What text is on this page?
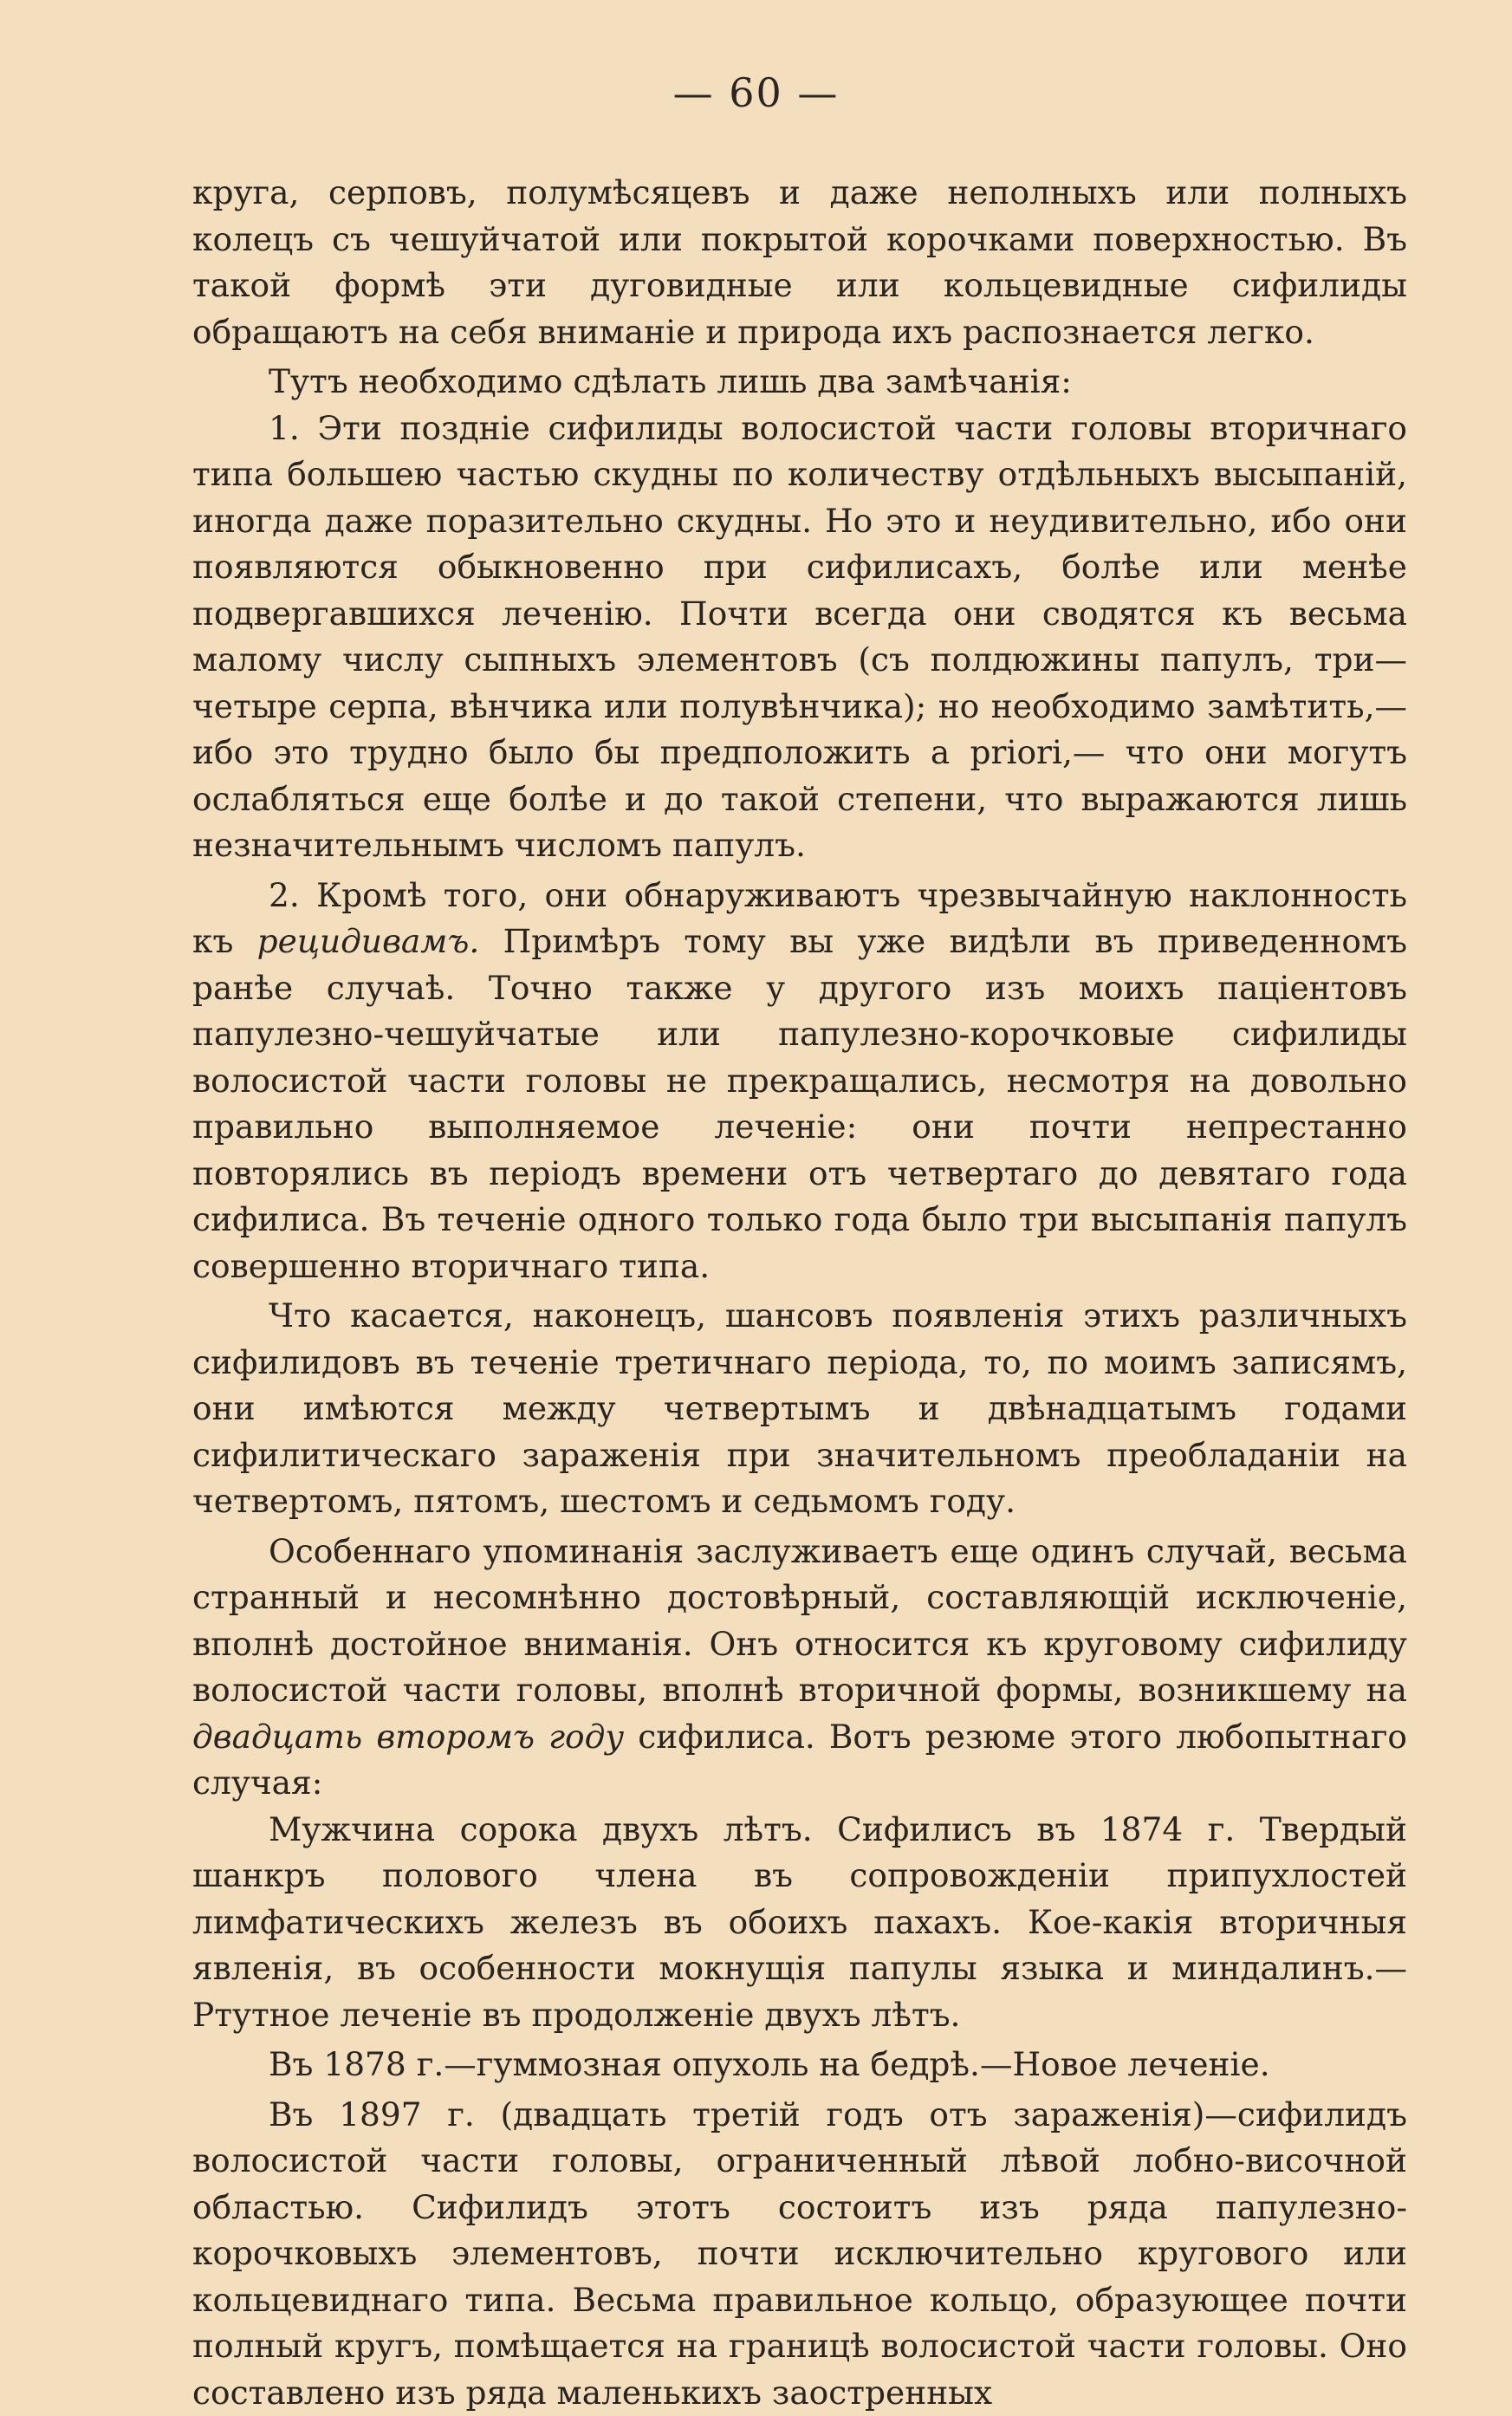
— 60 —

круга, серповъ, полумѣсяцевъ и даже неполныхъ или полныхъ колецъ съ чешуйчатой или покрытой корочками поверхностью. Въ такой формѣ эти дуговидные или кольцевидные сифилиды обращаютъ на себя вниманіе и природа ихъ распознается легко.

Тутъ необходимо сдѣлать лишь два замѣчанія:

1. Эти поздніе сифилиды волосистой части головы вторичнаго типа большею частью скудны по количеству отдѣльныхъ высыпаній, иногда даже поразительно скудны. Но это и неудивительно, ибо они появляются обыкновенно при сифилисахъ, болѣе или менѣе подвергавшихся леченію. Почти всегда они сводятся къ весьма малому числу сыпныхъ элементовъ (съ полдюжины папулъ, три—четыре серпа, вѣнчика или полувѣнчика); но необходимо замѣтить,—ибо это трудно было бы предположить a priori,— что они могутъ ослабляться еще болѣе и до такой степени, что выражаются лишь незначительнымъ числомъ папулъ.

2. Кромѣ того, они обнаруживаютъ чрезвычайную наклонность къ рецидивамъ. Примѣръ тому вы уже видѣли въ приведенномъ ранѣе случаѣ. Точно также у другого изъ моихъ паціентовъ папулезно-чешуйчатые или папулезно-корочковые сифилиды волосистой части головы не прекращались, несмотря на довольно правильно выполняемое леченіе: они почти непрестанно повторялись въ періодъ времени отъ четвертаго до девятаго года сифилиса. Въ теченіе одного только года было три высыпанія папулъ совершенно вторичнаго типа.

Что касается, наконецъ, шансовъ появленія этихъ различныхъ сифилидовъ въ теченіе третичнаго періода, то, по моимъ записямъ, они имѣются между четвертымъ и двѣнадцатымъ годами сифилитическаго зараженія при значительномъ преобладаніи на четвертомъ, пятомъ, шестомъ и седьмомъ году.

Особеннаго упоминанія заслуживаетъ еще одинъ случай, весьма странный и несомнѣнно достовѣрный, составляющій исключеніе, вполнѣ достойное вниманія. Онъ относится къ круговому сифилиду волосистой части головы, вполнѣ вторичной формы, возникшему на двадцать второмъ году сифилиса. Вотъ резюме этого любопытнаго случая:

Мужчина сорока двухъ лѣтъ. Сифилисъ въ 1874 г. Твердый шанкръ полового члена въ сопровожденіи припухлостей лимфатическихъ железъ въ обоихъ пахахъ. Кое-какія вторичныя явленія, въ особенности мокнущія папулы языка и миндалинъ.—Ртутное леченіе въ продолженіе двухъ лѣтъ.

Въ 1878 г.—гуммозная опухоль на бедрѣ.—Новое леченіе.

Въ 1897 г. (двадцать третій годъ отъ зараженія)—сифилидъ волосистой части головы, ограниченный лѣвой лобно-височной областью. Сифилидъ этотъ состоитъ изъ ряда папулезно-корочковыхъ элементовъ, почти исключительно кругового или кольцевиднаго типа. Весьма правильное кольцо, образующее почти полный кругъ, помѣщается на границѣ волосистой части головы. Оно составлено изъ ряда маленькихъ заостренных
